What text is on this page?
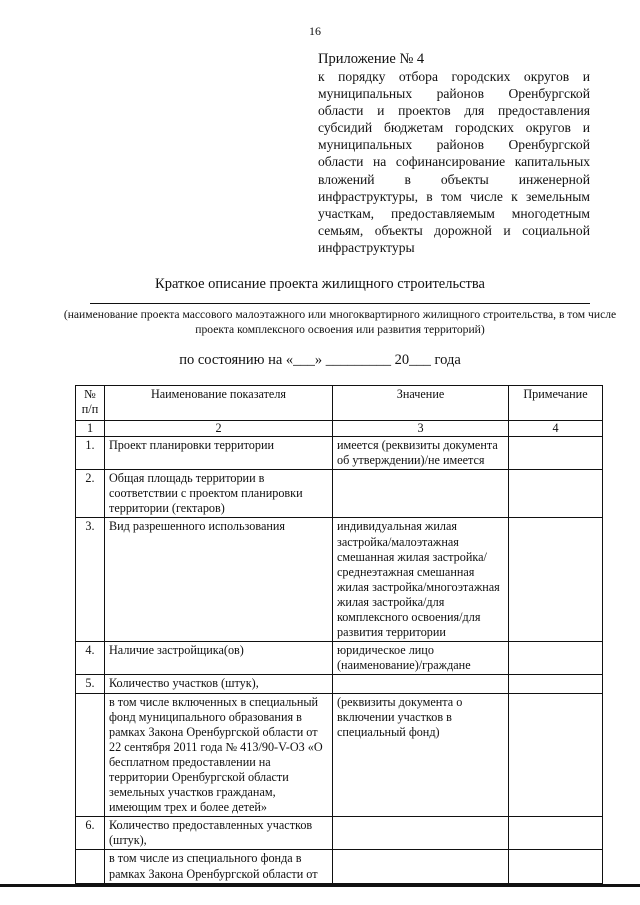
16
Приложение № 4
к порядку отбора городских округов и муниципальных районов Оренбургской области и проектов для предоставления субсидий бюджетам городских округов и муниципальных районов Оренбургской области на софинансирование капитальных вложений в объекты инженерной инфраструктуры, в том числе к земельным участкам, предоставляемым многодетным семьям, объекты дорожной и социальной инфраструктуры
Краткое описание проекта жилищного строительства
(наименование проекта массового малоэтажного или многоквартирного жилищного строительства, в том числе проекта комплексного освоения или развития территорий)
по состоянию на «___» _________ 20___ года
№ п/п	Наименование показателя	Значение	Примечание
1	2	3	4
1.	Проект планировки территории	имеется (реквизиты документа об утверждении)/не имеется	
2.	Общая площадь территории в соответствии с проектом планировки территории (гектаров)		
3.	Вид разрешенного использования	индивидуальная жилая застройка/малоэтажная смешанная жилая застройка/среднеэтажная смешанная жилая застройка/многоэтажная жилая застройка/для комплексного освоения/для развития территории	
4.	Наличие застройщика(ов)	юридическое лицо (наименование)/граждане	
5.	Количество участков (штук),		
	в том числе включенных в специальный фонд муниципального образования в рамках Закона Оренбургской области от 22 сентября 2011 года № 413/90-V-ОЗ «О бесплатном предоставлении на территории Оренбургской области земельных участков гражданам, имеющим трех и более детей»	(реквизиты документа о включении участков в специальный фонд)	
6.	Количество предоставленных участков (штук),		
	в том числе из специального фонда в рамках Закона Оренбургской области от		
